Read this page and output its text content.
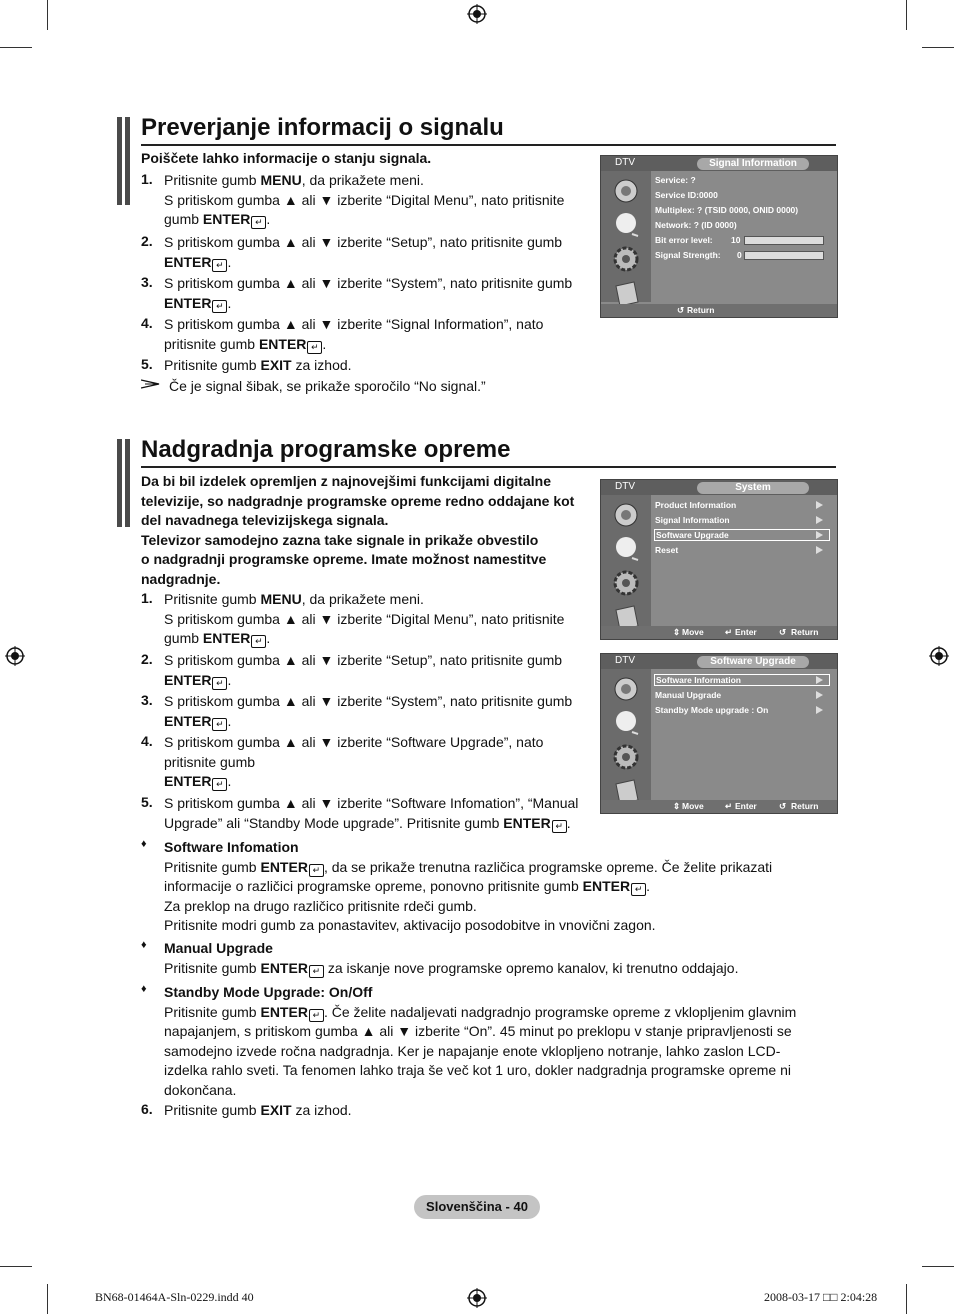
Preverjanje informacij o signalu
Poiščete lahko informacije o stanju signala.
1. Pritisnite gumb MENU, da prikažete meni.
S pritiskom gumba ▲ ali ▼ izberite “Digital Menu”, nato pritisnite
gumb ENTER ↵ .
2. S pritiskom gumba ▲ ali ▼ izberite “Setup”, nato pritisnite gumb
ENTER ↵ .
3. S pritiskom gumba ▲ ali ▼ izberite “System”, nato pritisnite gumb
ENTER ↵ .
4. S pritiskom gumba ▲ ali ▼ izberite “Signal Information”, nato
pritisnite gumb ENTER ↵ .
5. Pritisnite gumb EXIT za izhod.
Če je signal šibak, se prikaže sporočilo “No signal.”
DTV	Signal Information
Service: ?
Service ID:0000
Multiplex: ? (TSID 0000, ONID 0000)
Network: ? (ID 0000)
Bit error level: 10
Signal Strength: 0
↺ Return
Nadgradnja programske opreme
Da bi bil izdelek opremljen z najnovejšimi funkcijami digitalne
televizije, so nadgradnje programske opreme redno oddajane kot
del navadnega televizijskega signala.
Televizor samodejno zazna take signale in prikaže obvestilo
o nadgradnji programske opreme. Imate možnost namestitve
nadgradnje.
1. Pritisnite gumb MENU, da prikažete meni.
S pritiskom gumba ▲ ali ▼ izberite “Digital Menu”, nato pritisnite
gumb ENTER ↵ .
2. S pritiskom gumba ▲ ali ▼ izberite “Setup”, nato pritisnite gumb
ENTER ↵ .
3. S pritiskom gumba ▲ ali ▼ izberite “System”, nato pritisnite gumb
ENTER ↵ .
4. S pritiskom gumba ▲ ali ▼ izberite “Software Upgrade”, nato
pritisnite gumb
ENTER ↵ .
5. S pritiskom gumba ▲ ali ▼ izberite “Software Infomation”, “Manual
Upgrade” ali “Standby Mode upgrade”. Pritisnite gumb ENTER ↵ .
♦ Software Infomation
Pritisnite gumb ENTER ↵ , da se prikaže trenutna različica programske opreme. Če želite prikazati
informacije o različici programske opreme, ponovno pritisnite gumb ENTER ↵ .
Za preklop na drugo različico pritisnite rdeči gumb.
Pritisnite modri gumb za ponastavitev, aktivacijo posodobitve in vnovični zagon.
♦ Manual Upgrade
Pritisnite gumb ENTER ↵ za iskanje nove programske opremo kanalov, ki trenutno oddajajo.
♦ Standby Mode Upgrade: On/Off
Pritisnite gumb ENTER ↵ . Če želite nadaljevati nadgradnjo programske opreme z vklopljenim glavnim
napajanjem, s pritiskom gumba ▲ ali ▼ izberite “On”. 45 minut po preklopu v stanje pripravljenosti se
samodejno izvede ročna nadgradnja. Ker je napajanje enote vklopljeno notranje, lahko zaslon LCD-
izdelka rahlo sveti. Ta fenomen lahko traja še več kot 1 uro, dokler nadgradnja programske opreme ni
dokončana.
6. Pritisnite gumb EXIT za izhod.
DTV	System
Product Information
Signal Information
Software Upgrade
Reset
⇕ Move	↵ Enter	↺ Return
DTV	Software Upgrade
Software Information
Manual Upgrade
Standby Mode upgrade : On
⇕ Move	↵ Enter	↺ Return
Slovenščina - 40
BN68-01464A-Sln-0229.indd 40	2008-03-17 □□ 2:04:28
